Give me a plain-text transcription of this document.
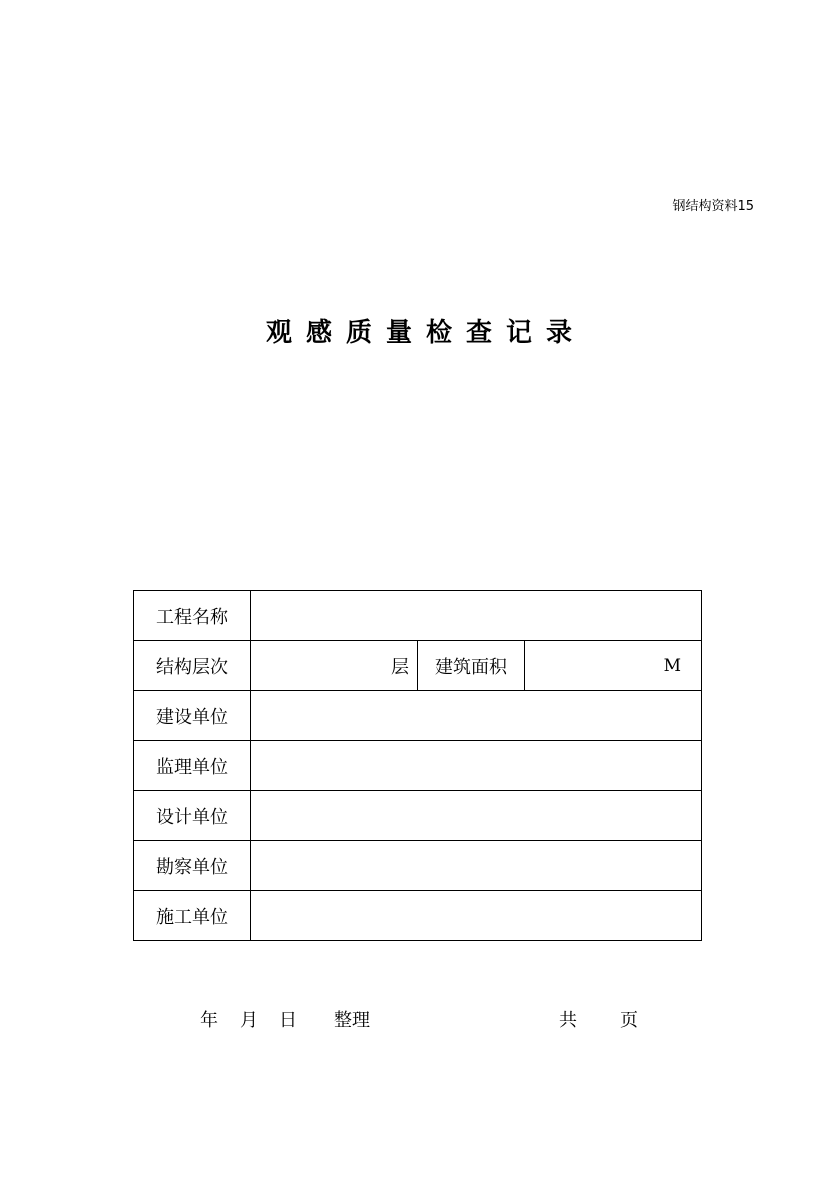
钢结构资料15
观感质量检查记录
工程名称			
结构层次	层	建筑面积	M
建设单位			
监理单位			
设计单位			
勘察单位			
施工单位			
年 月 日 整理	共 页
